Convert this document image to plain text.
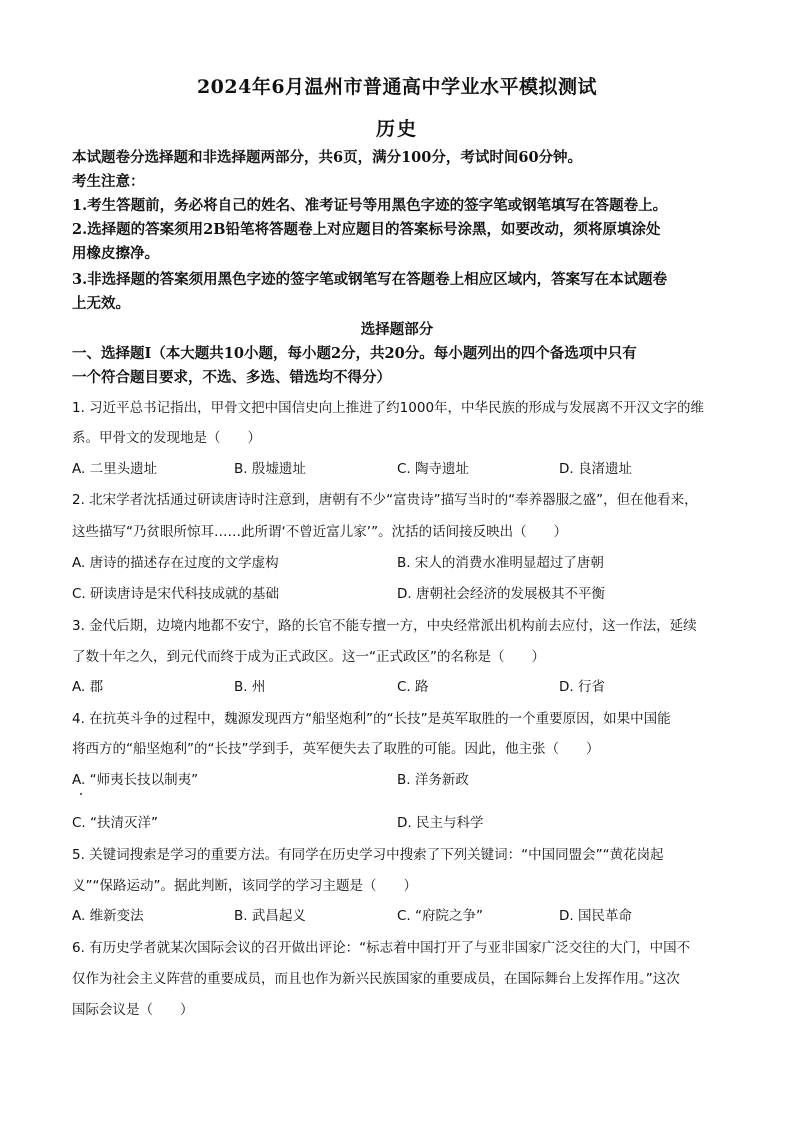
2024年6月温州市普通高中学业水平模拟测试
历史
本试题卷分选择题和非选择题两部分，共6页，满分100分，考试时间60分钟。
考生注意：
1.考生答题前，务必将自己的姓名、准考证号等用黑色字迹的签字笔或钢笔填写在答题卷上。
2.选择题的答案须用2B铅笔将答题卷上对应题目的答案标号涂黑，如要改动，须将原填涂处
用橡皮擦净。
3.非选择题的答案须用黑色字迹的签字笔或钢笔写在答题卷上相应区域内，答案写在本试题卷
上无效。
选择题部分
一、选择题Ⅰ（本大题共10小题，每小题2分，共20分。每小题列出的四个备选项中只有
一个符合题目要求，不选、多选、错选均不得分）
1. 习近平总书记指出，甲骨文把中国信史向上推进了约1000年，中华民族的形成与发展离不开汉文字的维
系。甲骨文的发现地是（　　）
A. 二里头遗址	B. 殷墟遗址	C. 陶寺遗址	D. 良渚遗址
2. 北宋学者沈括通过研读唐诗时注意到，唐朝有不少“富贵诗”描写当时的“奉养器服之盛”，但在他看来，
这些描写“乃贫眼所惊耳……此所谓‘不曾近富儿家’”。沈括的话间接反映出（　　）
A. 唐诗的描述存在过度的文学虚构	B. 宋人的消费水准明显超过了唐朝
C. 研读唐诗是宋代科技成就的基础	D. 唐朝社会经济的发展极其不平衡
3. 金代后期，边境内地都不安宁，路的长官不能专擅一方，中央经常派出机构前去应付，这一作法，延续
了数十年之久，到元代而终于成为正式政区。这一“正式政区”的名称是（　　）
A. 郡	B. 州	C. 路	D. 行省
4. 在抗英斗争的过程中，魏源发现西方“船坚炮利”的“长技”是英军取胜的一个重要原因，如果中国能
将西方的“船坚炮利”的“长技”学到手，英军便失去了取胜的可能。因此，他主张（　　）
A. “师夷长技以制夷”	B. 洋务新政
C. “扶清灭洋”	D. 民主与科学
5. 关键词搜索是学习的重要方法。有同学在历史学习中搜索了下列关键词：“中国同盟会”“黄花岗起
义”“保路运动”。据此判断，该同学的学习主题是（　　）
A. 维新变法	B. 武昌起义	C. “府院之争”	D. 国民革命
6. 有历史学者就某次国际会议的召开做出评论：“标志着中国打开了与亚非国家广泛交往的大门，中国不
仅作为社会主义阵营的重要成员，而且也作为新兴民族国家的重要成员，在国际舞台上发挥作用。”这次
国际会议是（　　）
